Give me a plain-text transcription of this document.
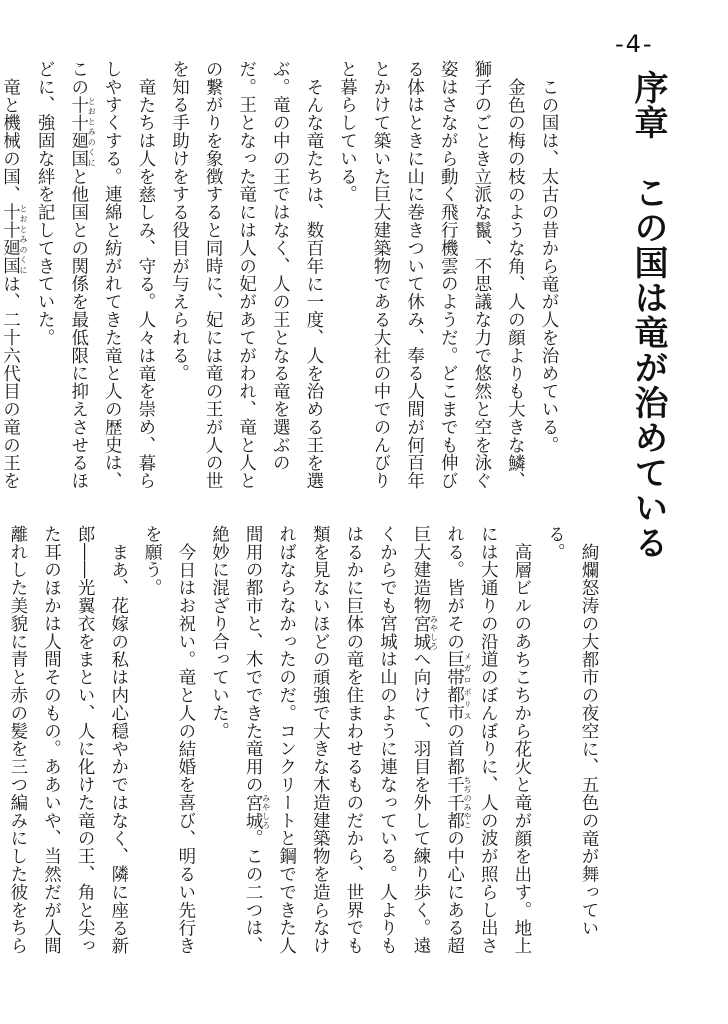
-4-
序章　この国は竜が治めている

この国は、太古の昔から竜が人を治めている。

金色の梅の枝のような角、人の顔よりも大きな鱗、獅子のごとき立派な鬣、不思議な力で悠然と空を泳ぐ姿はさながら動く飛行機雲のようだ。どこまでも伸びる体はときに山に巻きついて休み、奉る人間が何百年とかけて築いた巨大建築物である大社の中でのんびりと暮らしている。

そんな竜たちは、数百年に一度、人を治める王を選ぶ。竜の中の王ではなく、人の王となる竜を選ぶのだ。王となった竜には人の妃があてがわれ、竜と人との繋がりを象徴すると同時に、妃には竜の王が人の世を知る手助けをする役目が与えられる。

竜たちは人を慈しみ、守る。人々は竜を崇め、暮らしやすくする。連綿と紡がれてきた竜と人の歴史は、この十十廻国とおとみのくにと他国との関係を最低限に抑えさせるほどに、強固な絆を記してきていた。

竜と機械の国、十十廻国とおとみのくには、二十六代目の竜の王を

絢爛怒涛の大都市の夜空に、五色の竜が舞っている。

高層ビルのあちこちから花火と竜が顔を出す。地上には大通りの沿道のぼんぼりに、人の波が照らし出される。皆がその巨帯都市メガロポリスの首都千千都ちぢのみやこの中心にある超巨大建造物宮城みやしろへ向けて、羽目を外して練り歩く。遠くからでも宮城は山のように連なっている。人よりもはるかに巨体の竜を住まわせるものだから、世界でも類を見ないほどの頑強で大きな木造建築物を造らなければならなかったのだ。コンクリートと鋼でできた人間用の都市と、木でできた竜用の宮城みやしろ。この二つは、絶妙に混ざり合っていた。

今日はお祝い。竜と人の結婚を喜び、明るい先行きを願う。

まあ、花嫁の私は内心穏やかではなく、隣に座る新郎――光翼衣をまとい、人に化けた竜の王、角と尖った耳のほかは人間そのもの。ああいや、当然だが人間離れした美貌に青と赤の髪を三つ編みにした彼をちら
